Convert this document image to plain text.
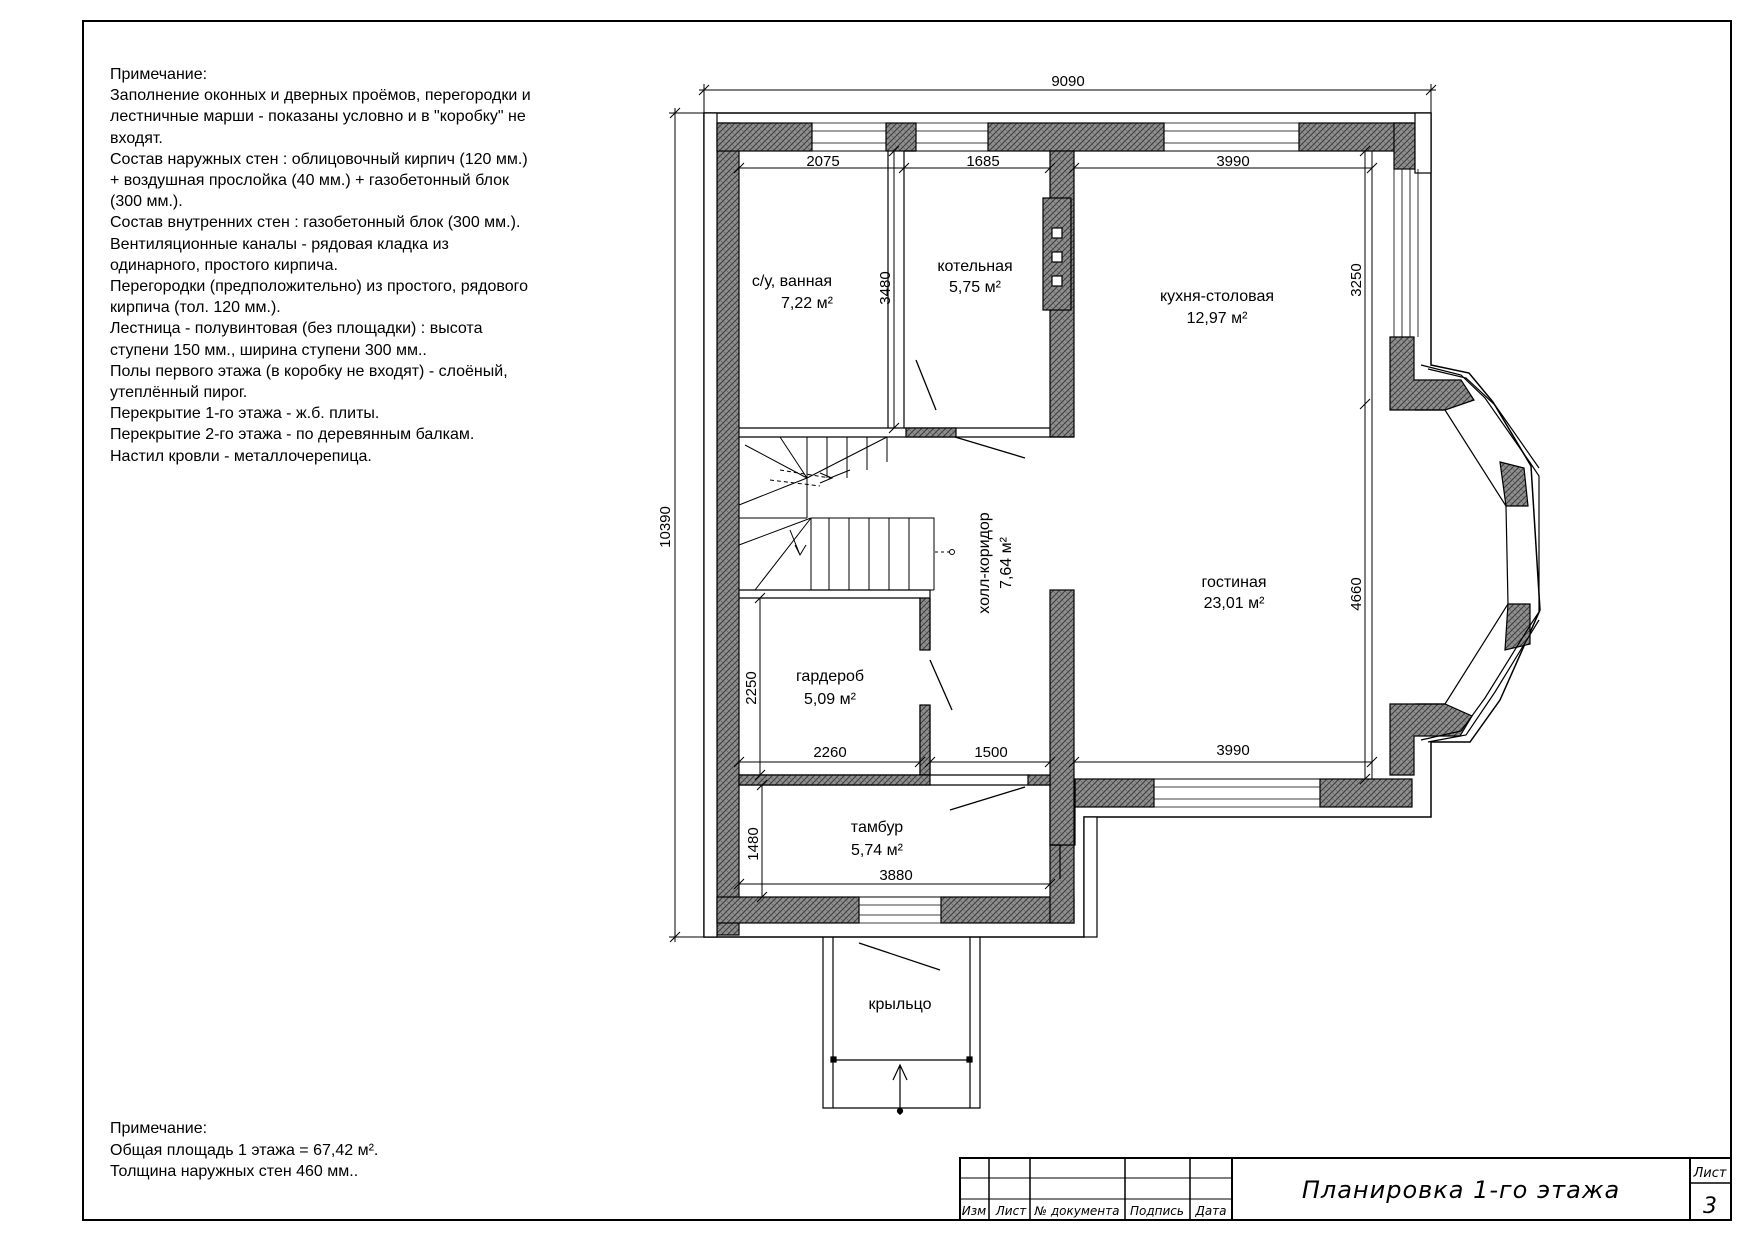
Примечание:
Заполнение оконных и дверных проёмов, перегородки и
лестничные марши - показаны условно и в "коробку" не
входят.
Состав наружных стен : облицовочный кирпич (120 мм.)
+ воздушная прослойка (40 мм.) + газобетонный блок
(300 мм.).
Состав внутренних стен : газобетонный блок (300 мм.).
Вентиляционные каналы - рядовая кладка из
одинарного, простого кирпича.
Перегородки (предположительно) из простого, рядового
кирпича (тол. 120 мм.).
Лестница - полувинтовая (без площадки) : высота
ступени 150 мм., ширина ступени 300 мм..
Полы первого этажа (в коробку не входят) - слоёный,
утеплённый пирог.
Перекрытие 1-го этажа - ж.б. плиты.
Перекрытие 2-го этажа - по деревянным балкам.
Настил кровли - металлочерепица.
Примечание:
Общая площадь 1 этажа = 67,42 м².
Толщина наружных стен 460 мм..
с/у, ванная
7,22 м²
котельная
5,75 м²
кухня-столовая
12,97 м²
гостиная
23,01 м²
гардероб
5,09 м²
тамбур
5,74 м²
крыльцо
холл-коридор 7,64 м²
9090
10390
2075	1685	3990
3480	3250
4660
2250
2260	1500	3990
1480
3880
Изм Лист № документа Подпись Дата
Планировка 1-го этажа
Лист
3
